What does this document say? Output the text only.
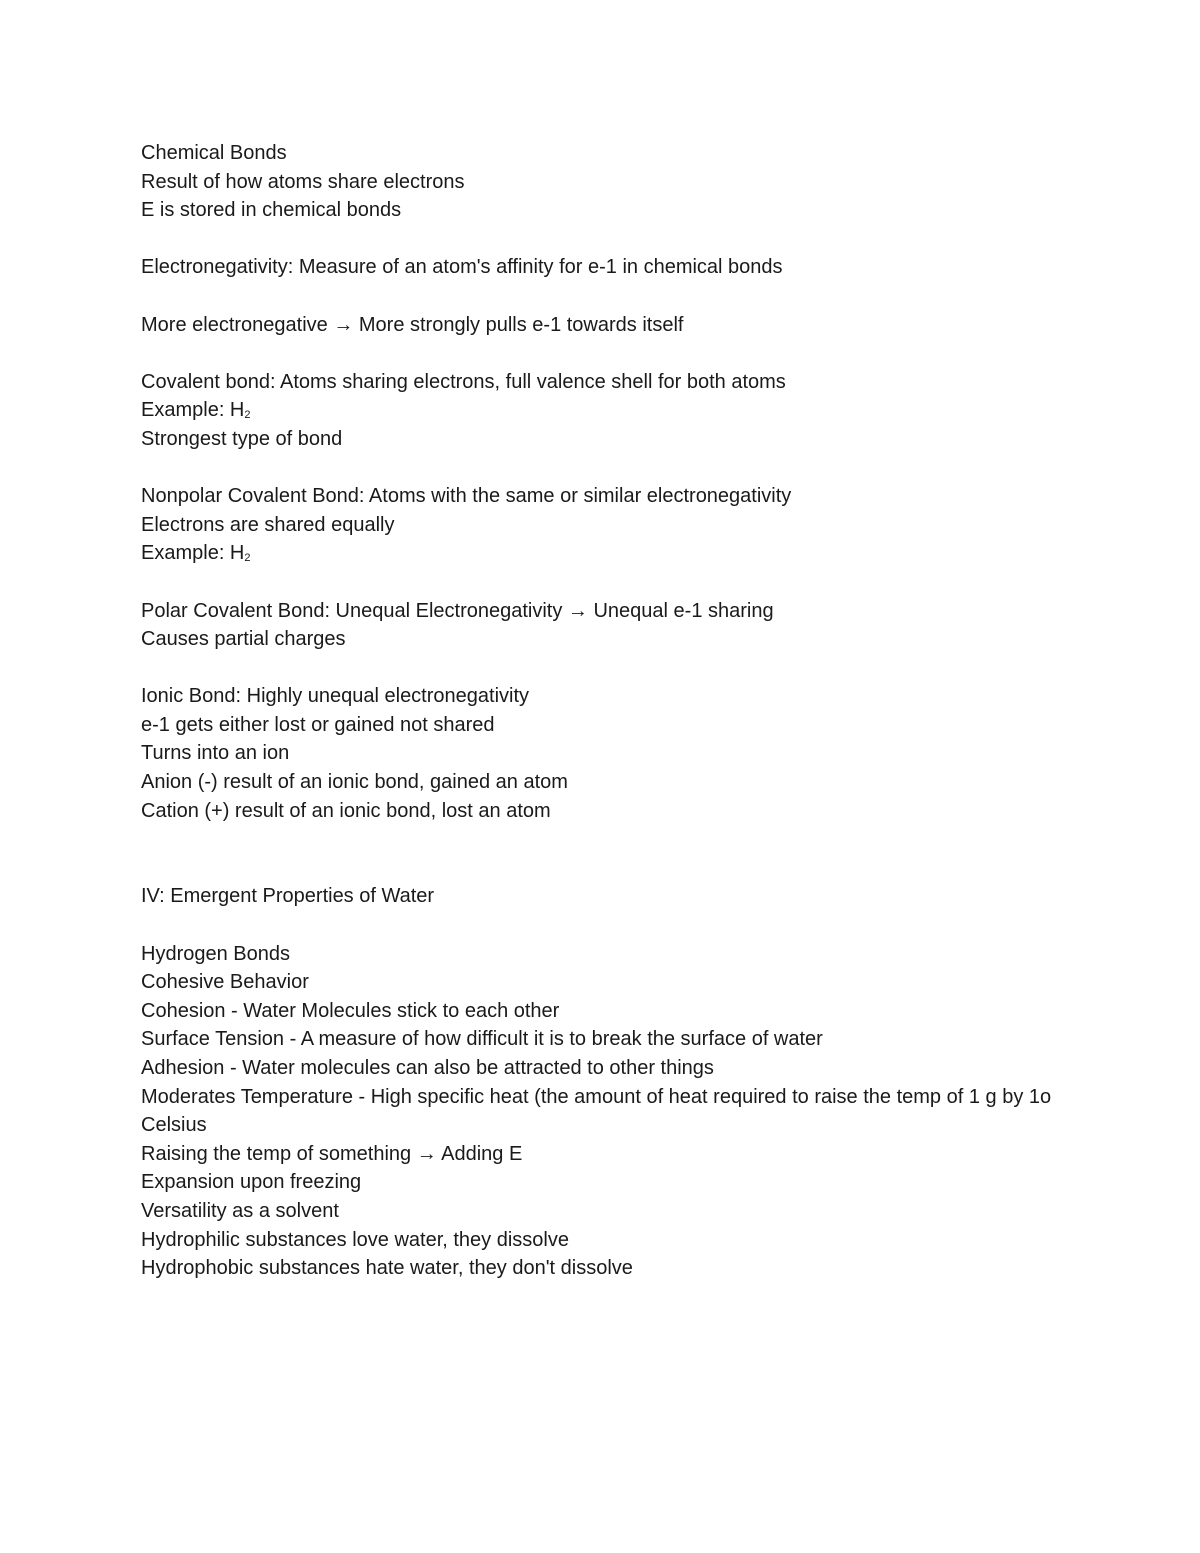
Chemical Bonds

Result of how atoms share electrons

E is stored in chemical bonds

Electronegativity: Measure of an atom's affinity for e-1 in chemical bonds

More electronegative → More strongly pulls e-1 towards itself

Covalent bond: Atoms sharing electrons, full valence shell for both atoms

Example: $H_2$

Strongest type of bond

Nonpolar Covalent Bond: Atoms with the same or similar electronegativity

Electrons are shared equally

Example: $H_2$

Polar Covalent Bond: Unequal Electronegativity → Unequal e-1 sharing

Causes partial charges

Ionic Bond: Highly unequal electronegativity

e-1 gets either lost or gained not shared

Turns into an ion

Anion (-) result of an ionic bond, gained an atom

Cation (+) result of an ionic bond, lost an atom

IV: Emergent Properties of Water

Hydrogen Bonds

Cohesive Behavior

Cohesion - Water Molecules stick to each other

Surface Tension - A measure of how difficult it is to break the surface of water

Adhesion - Water molecules can also be attracted to other things

Moderates Temperature - High specific heat (the amount of heat required to raise the temp of 1 g by 1o Celsius

Raising the temp of something → Adding E

Expansion upon freezing

Versatility as a solvent

Hydrophilic substances love water, they dissolve

Hydrophobic substances hate water, they don't dissolve
